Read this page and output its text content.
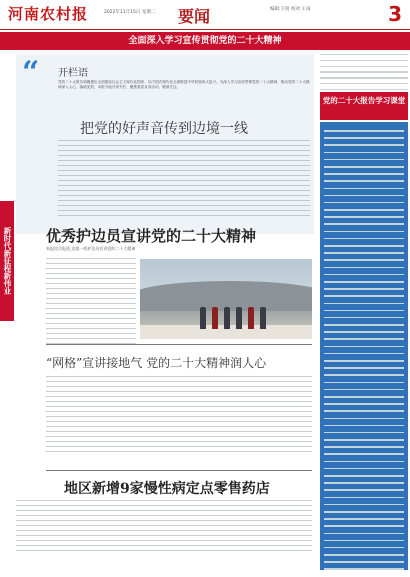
河南农村报	2022年11月15日 星期二 要闻	编辑:王锐 校对:王雨	3
全面深入学习宣传贯彻党的二十大精神
“ 开栏语
党的二十大报告明确提出全面建设社会主义现代化国家、以中国式现代化全面推进中华民族伟大复兴。为深入学习宣传贯彻党的二十大精神，推动党的二十大精神深入人心、落地见效，本报今起开设专栏，聚焦基层宣讲活动，敬请关注。
把党的好声音传到边境一线
新时代新征程新伟业 优秀护边员宣讲党的二十大精神
本报综合报道 边境一线护边员宣讲党的二十大精神
“网格”宣讲接地气 党的二十大精神润人心
地区新增9家慢性病定点零售药店
党的二十大报告学习课堂
